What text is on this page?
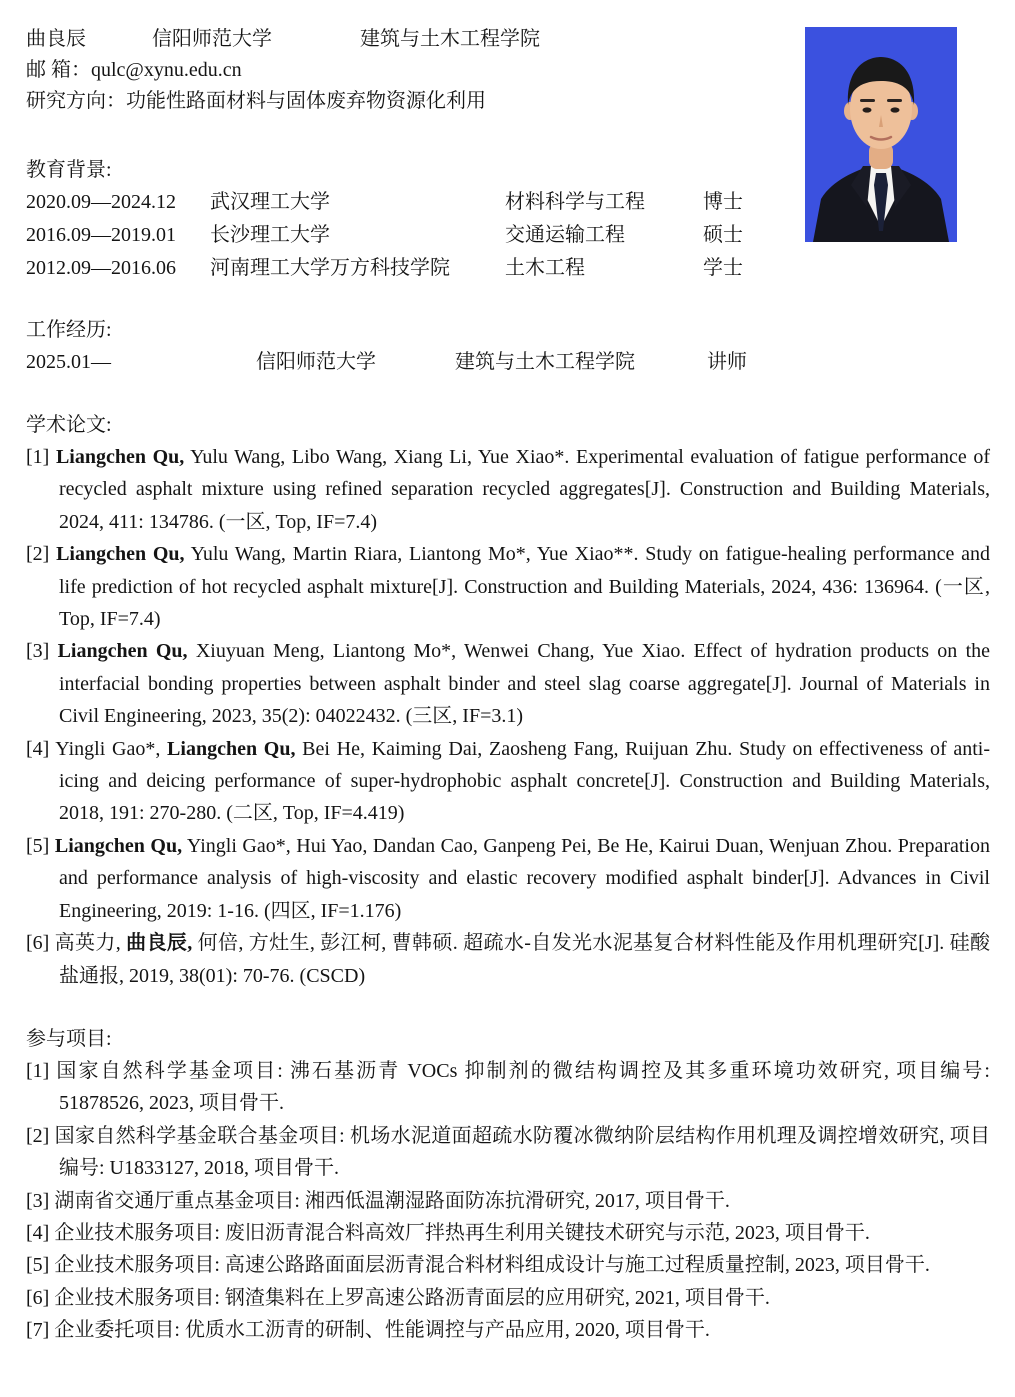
曲良辰	信阳师范大学	建筑与土木工程学院
邮 箱：qulc@xynu.edu.cn
研究方向：功能性路面材料与固体废弃物资源化利用
教育背景:
2020.09—2024.12	武汉理工大学	材料科学与工程	博士
2016.09—2019.01	长沙理工大学	交通运输工程	硕士
2012.09—2016.06	河南理工大学万方科技学院	土木工程	学士
工作经历:
2025.01—	信阳师范大学	建筑与土木工程学院	讲师
学术论文:
[1] Liangchen Qu, Yulu Wang, Libo Wang, Xiang Li, Yue Xiao*. Experimental evaluation of fatigue performance of recycled asphalt mixture using refined separation recycled aggregates[J]. Construction and Building Materials, 2024, 411: 134786. (一区, Top, IF=7.4)
[2] Liangchen Qu, Yulu Wang, Martin Riara, Liantong Mo*, Yue Xiao**. Study on fatigue-healing performance and life prediction of hot recycled asphalt mixture[J]. Construction and Building Materials, 2024, 436: 136964. (一区, Top, IF=7.4)
[3] Liangchen Qu, Xiuyuan Meng, Liantong Mo*, Wenwei Chang, Yue Xiao. Effect of hydration products on the interfacial bonding properties between asphalt binder and steel slag coarse aggregate[J]. Journal of Materials in Civil Engineering, 2023, 35(2): 04022432. (三区, IF=3.1)
[4] Yingli Gao*, Liangchen Qu, Bei He, Kaiming Dai, Zaosheng Fang, Ruijuan Zhu. Study on effectiveness of anti-icing and deicing performance of super-hydrophobic asphalt concrete[J]. Construction and Building Materials, 2018, 191: 270-280. (二区, Top, IF=4.419)
[5] Liangchen Qu, Yingli Gao*, Hui Yao, Dandan Cao, Ganpeng Pei, Be He, Kairui Duan, Wenjuan Zhou. Preparation and performance analysis of high-viscosity and elastic recovery modified asphalt binder[J]. Advances in Civil Engineering, 2019: 1-16. (四区, IF=1.176)
[6] 高英力, 曲良辰, 何倍, 方灶生, 彭江柯, 曹韩硕. 超疏水-自发光水泥基复合材料性能及作用机理研究[J]. 硅酸盐通报, 2019, 38(01): 70-76. (CSCD)
参与项目:
[1] 国家自然科学基金项目: 沸石基沥青 VOCs 抑制剂的微结构调控及其多重环境功效研究, 项目编号: 51878526, 2023, 项目骨干.
[2] 国家自然科学基金联合基金项目: 机场水泥道面超疏水防覆冰微纳阶层结构作用机理及调控增效研究, 项目编号: U1833127, 2018, 项目骨干.
[3] 湖南省交通厅重点基金项目: 湘西低温潮湿路面防冻抗滑研究, 2017, 项目骨干.
[4] 企业技术服务项目: 废旧沥青混合料高效厂拌热再生利用关键技术研究与示范, 2023, 项目骨干.
[5] 企业技术服务项目: 高速公路路面面层沥青混合料材料组成设计与施工过程质量控制, 2023, 项目骨干.
[6] 企业技术服务项目: 钢渣集料在上罗高速公路沥青面层的应用研究, 2021, 项目骨干.
[7] 企业委托项目: 优质水工沥青的研制、性能调控与产品应用, 2020, 项目骨干.
